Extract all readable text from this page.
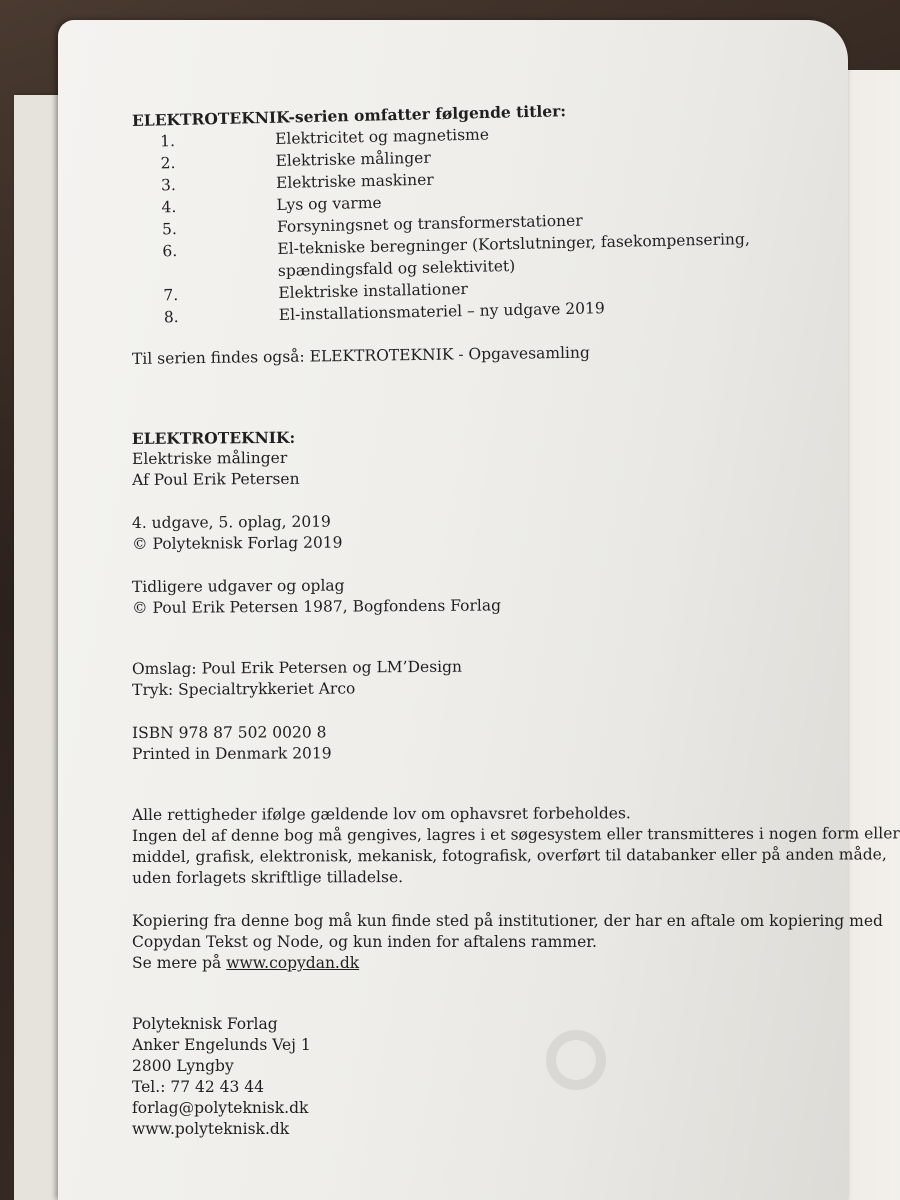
ELEKTROTEKNIK-serien omfatter følgende titler:
1.	Elektricitet og magnetisme
2.	Elektriske målinger
3.	Elektriske maskiner
4.	Lys og varme
5.	Forsyningsnet og transformerstationer
6.	El-tekniske beregninger (Kortslutninger, fasekompensering, spændingsfald og selektivitet)
7.	Elektriske installationer
8.	El-installationsmateriel – ny udgave 2019
Til serien findes også: ELEKTROTEKNIK - Opgavesamling
ELEKTROTEKNIK:
Elektriske målinger
Af Poul Erik Petersen
4. udgave, 5. oplag, 2019
© Polyteknisk Forlag 2019
Tidligere udgaver og oplag
© Poul Erik Petersen 1987, Bogfondens Forlag
Omslag: Poul Erik Petersen og LM’Design
Tryk: Specialtrykkeriet Arco
ISBN 978 87 502 0020 8
Printed in Denmark 2019
Alle rettigheder ifølge gældende lov om ophavsret forbeholdes.
Ingen del af denne bog må gengives, lagres i et søgesystem eller transmitteres i nogen form eller
middel, grafisk, elektronisk, mekanisk, fotografisk, overført til databanker eller på anden måde,
uden forlagets skriftlige tilladelse.
Kopiering fra denne bog må kun finde sted på institutioner, der har en aftale om kopiering med
Copydan Tekst og Node, og kun inden for aftalens rammer.
Se mere på www.copydan.dk
Polyteknisk Forlag
Anker Engelunds Vej 1
2800 Lyngby
Tel.: 77 42 43 44
forlag@polyteknisk.dk
www.polyteknisk.dk
